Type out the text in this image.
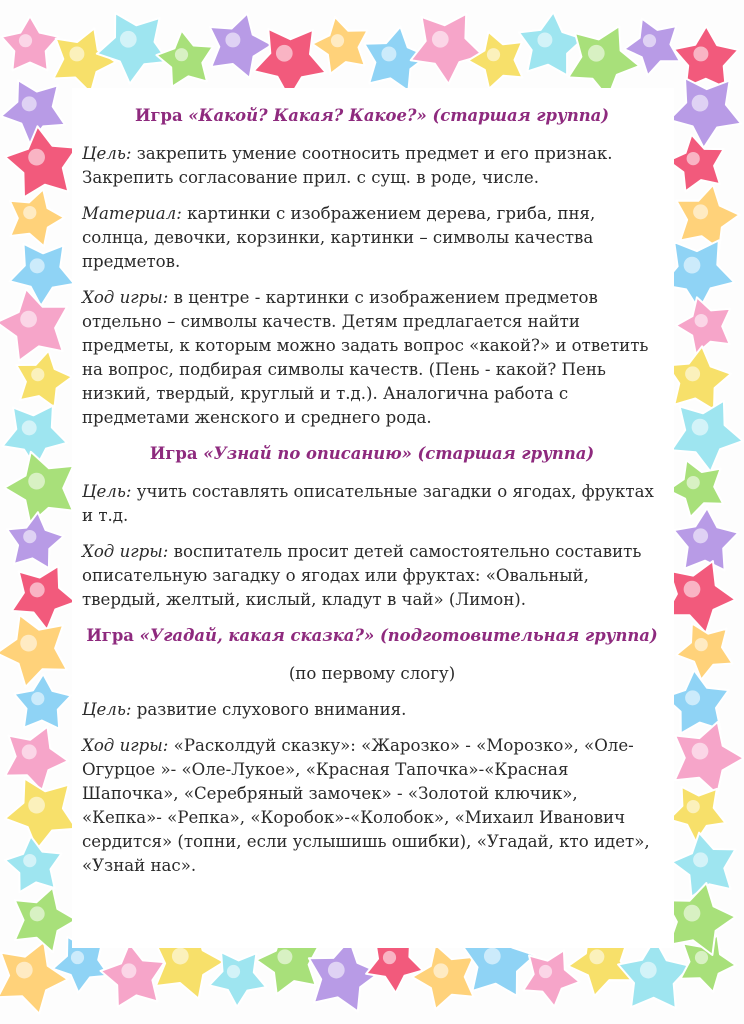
Игра «Какой? Какая? Какое?» (старшая группа)

Цель: закрепить умение соотносить предмет и его признак. Закрепить согласование прил. с сущ. в роде, числе.

Материал: картинки с изображением дерева, гриба, пня, солнца, девочки, корзинки, картинки – символы качества предметов.

Ход игры: в центре - картинки с изображением предметов отдельно – символы качеств. Детям предлагается найти предметы, к которым можно задать вопрос «какой?» и ответить на вопрос, подбирая символы качеств. (Пень - какой? Пень низкий, твердый, круглый и т.д.). Аналогична работа с предметами женского и среднего рода.

Игра «Узнай по описанию» (старшая группа)

Цель: учить составлять описательные загадки о ягодах, фруктах и т.д.

Ход игры: воспитатель просит детей самостоятельно составить описательную загадку о ягодах или фруктах: «Овальный, твердый, желтый, кислый, кладут в чай» (Лимон).

Игра «Угадай, какая сказка?» (подготовительная группа)

(по первому слогу)

Цель: развитие слухового внимания.

Ход игры: «Расколдуй сказку»: «Жарозко» - «Морозко», «Оле-Огурцое »- «Оле-Лукое», «Красная Тапочка»-«Красная Шапочка», «Серебряный замочек» - «Золотой ключик», «Кепка»- «Репка», «Коробок»-«Колобок», «Михаил Иванович сердится» (топни, если услышишь ошибки), «Угадай, кто идет», «Узнай нас».
